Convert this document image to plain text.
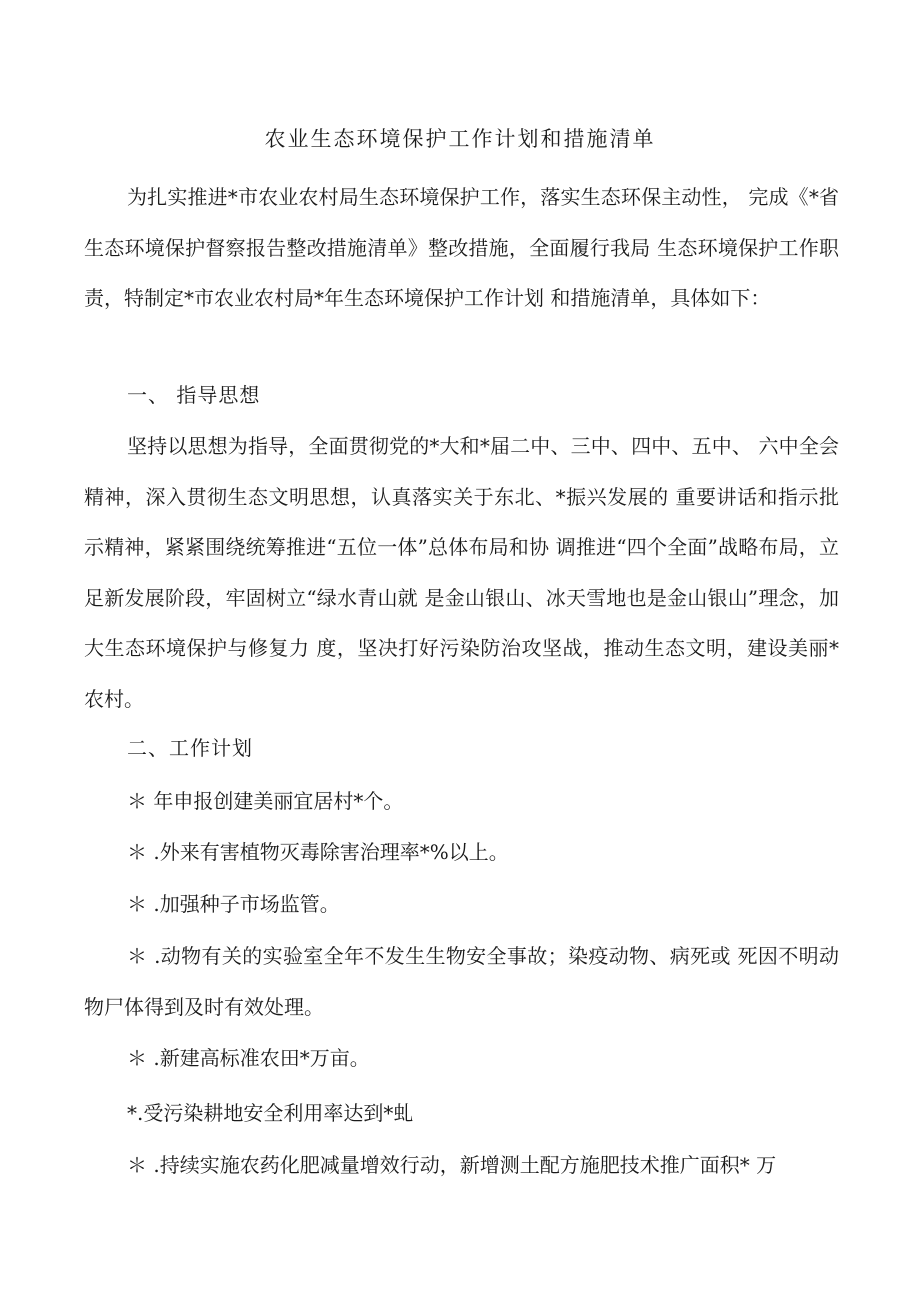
农业生态环境保护工作计划和措施清单
为扎实推进*市农业农村局生态环境保护工作，落实生态环保主动性， 完成《*省生态环境保护督察报告整改措施清单》整改措施，全面履行我局 生态环境保护工作职责，特制定*市农业农村局*年生态环境保护工作计划 和措施清单，具体如下：
一、 指导思想
坚持以思想为指导，全面贯彻党的*大和*届二中、三中、四中、五中、 六中全会精神，深入贯彻生态文明思想，认真落实关于东北、*振兴发展的 重要讲话和指示批示精神，紧紧围绕统筹推进“五位一体”总体布局和协 调推进“四个全面”战略布局，立足新发展阶段，牢固树立“绿水青山就 是金山银山、冰天雪地也是金山银山”理念，加大生态环境保护与修复力 度，坚决打好污染防治攻坚战，推动生态文明，建设美丽*农村。
二、工作计划
＊ 年申报创建美丽宜居村*个。
＊ .外来有害植物灭毒除害治理率*%以上。
＊ .加强种子市场监管。
＊ .动物有关的实验室全年不发生生物安全事故；染疫动物、病死或 死因不明动物尸体得到及时有效处理。
＊ .新建高标准农田*万亩。
*.受污染耕地安全利用率达到*虬
＊ .持续实施农药化肥减量增效行动，新增测土配方施肥技术推广面积* 万
